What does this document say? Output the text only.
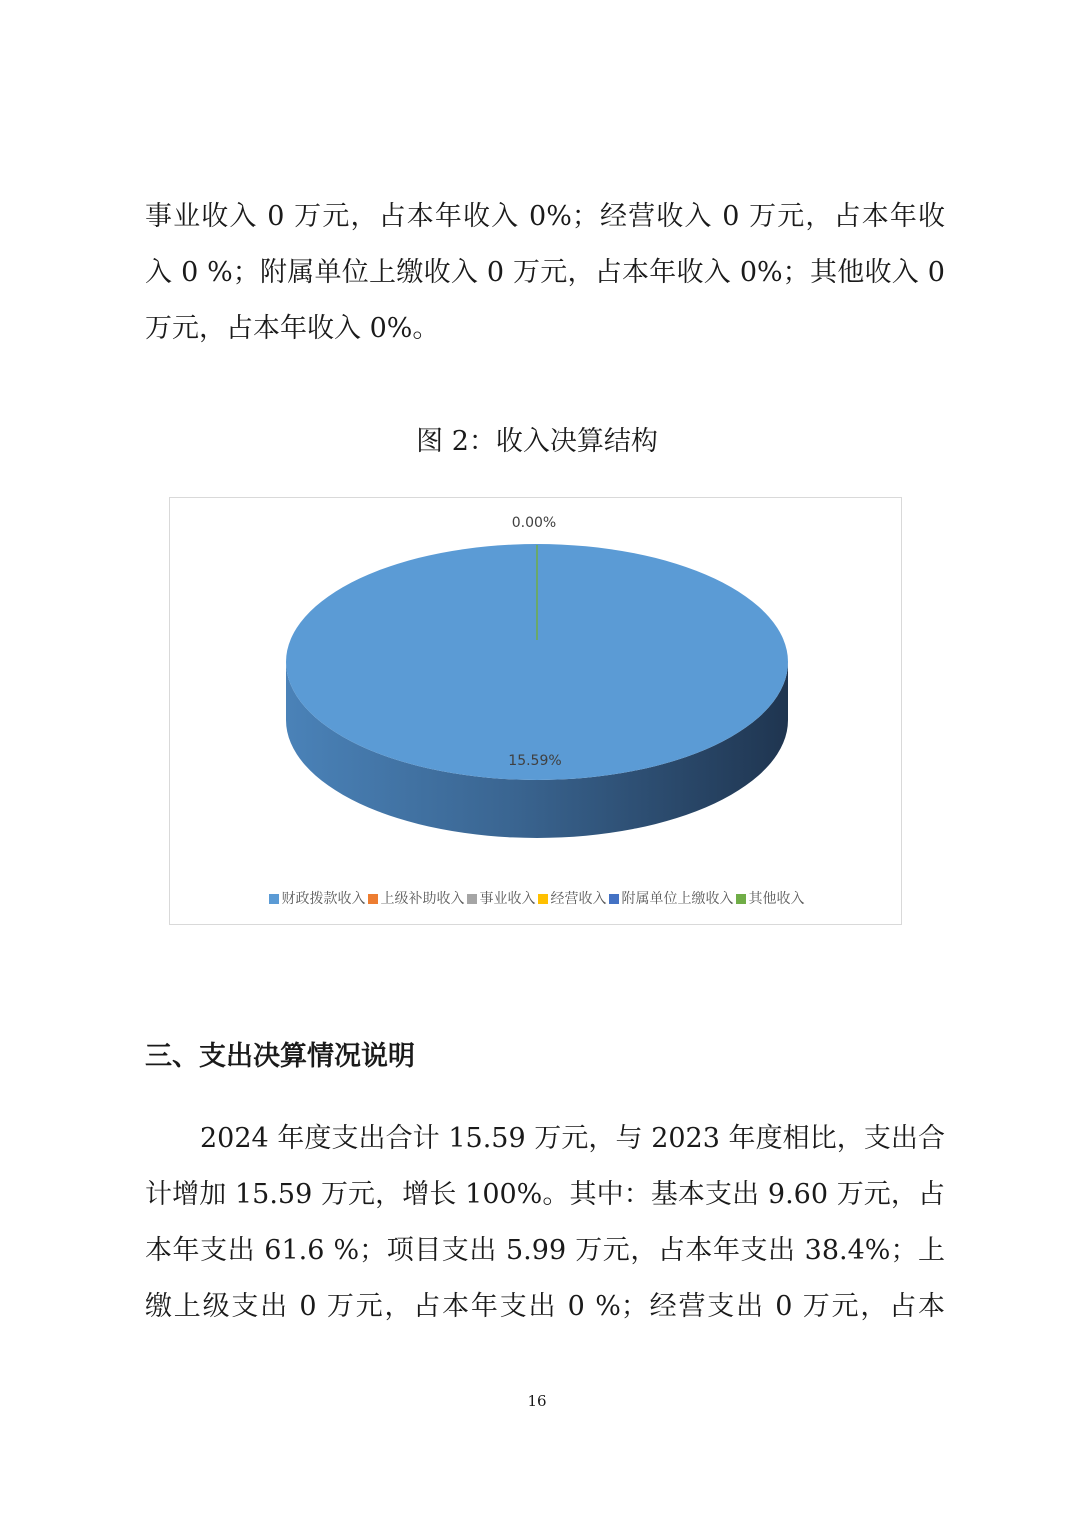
事业收入 0 万元，占本年收入 0%；经营收入 0 万元，占本年收
入 0 %；附属单位上缴收入 0 万元，占本年收入 0%；其他收入 0
万元，占本年收入 0%。
图 2：收入决算结构
0.00%
15.59%
财政拨款收入 上级补助收入 事业收入 经营收入 附属单位上缴收入 其他收入
三、支出决算情况说明
2024 年度支出合计 15.59 万元，与 2023 年度相比，支出合
计增加 15.59 万元，增长 100%。其中：基本支出 9.60 万元，占
本年支出 61.6 %；项目支出 5.99 万元，占本年支出 38.4%；上
缴上级支出 0 万元，占本年支出 0 %；经营支出 0 万元，占本
16
